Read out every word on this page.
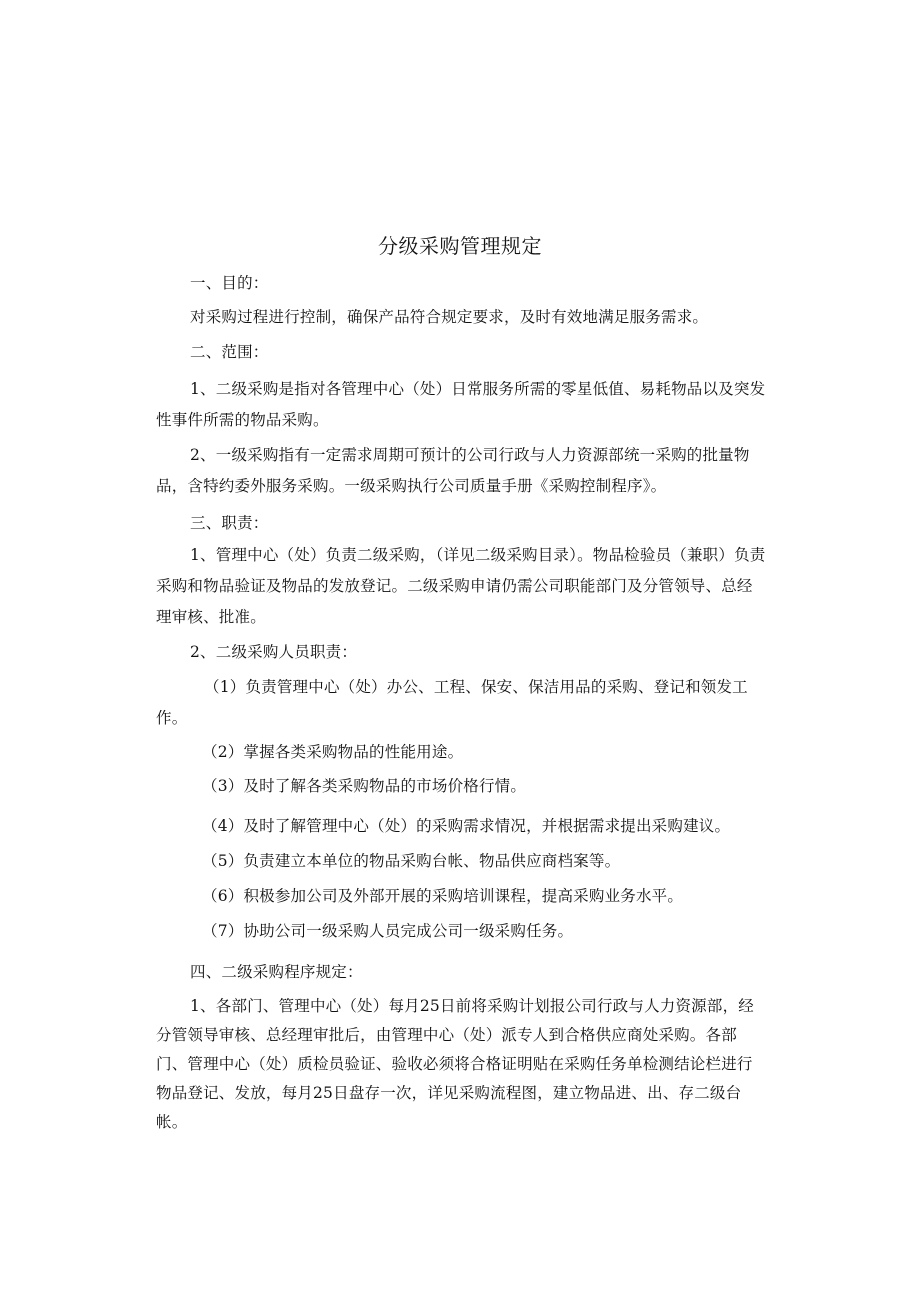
分级采购管理规定
一、目的：
对采购过程进行控制，确保产品符合规定要求，及时有效地满足服务需求。
二、范围：
1、二级采购是指对各管理中心（处）日常服务所需的零星低值、易耗物品以及突发性事件所需的物品采购。
2、一级采购指有一定需求周期可预计的公司行政与人力资源部统一采购的批量物品，含特约委外服务采购。一级采购执行公司质量手册《采购控制程序》。
三、职责：
1、管理中心（处）负责二级采购，（详见二级采购目录）。物品检验员（兼职）负责采购和物品验证及物品的发放登记。二级采购申请仍需公司职能部门及分管领导、总经理审核、批准。
2、二级采购人员职责：
（1）负责管理中心（处）办公、工程、保安、保洁用品的采购、登记和领发工作。
（2）掌握各类采购物品的性能用途。
（3）及时了解各类采购物品的市场价格行情。
（4）及时了解管理中心（处）的采购需求情况，并根据需求提出采购建议。
（5）负责建立本单位的物品采购台帐、物品供应商档案等。
（6）积极参加公司及外部开展的采购培训课程，提高采购业务水平。
（7）协助公司一级采购人员完成公司一级采购任务。
四、二级采购程序规定：
1、各部门、管理中心（处）每月25日前将采购计划报公司行政与人力资源部，经分管领导审核、总经理审批后，由管理中心（处）派专人到合格供应商处采购。各部门、管理中心（处）质检员验证、验收必须将合格证明贴在采购任务单检测结论栏进行物品登记、发放，每月25日盘存一次，详见采购流程图，建立物品进、出、存二级台帐。
